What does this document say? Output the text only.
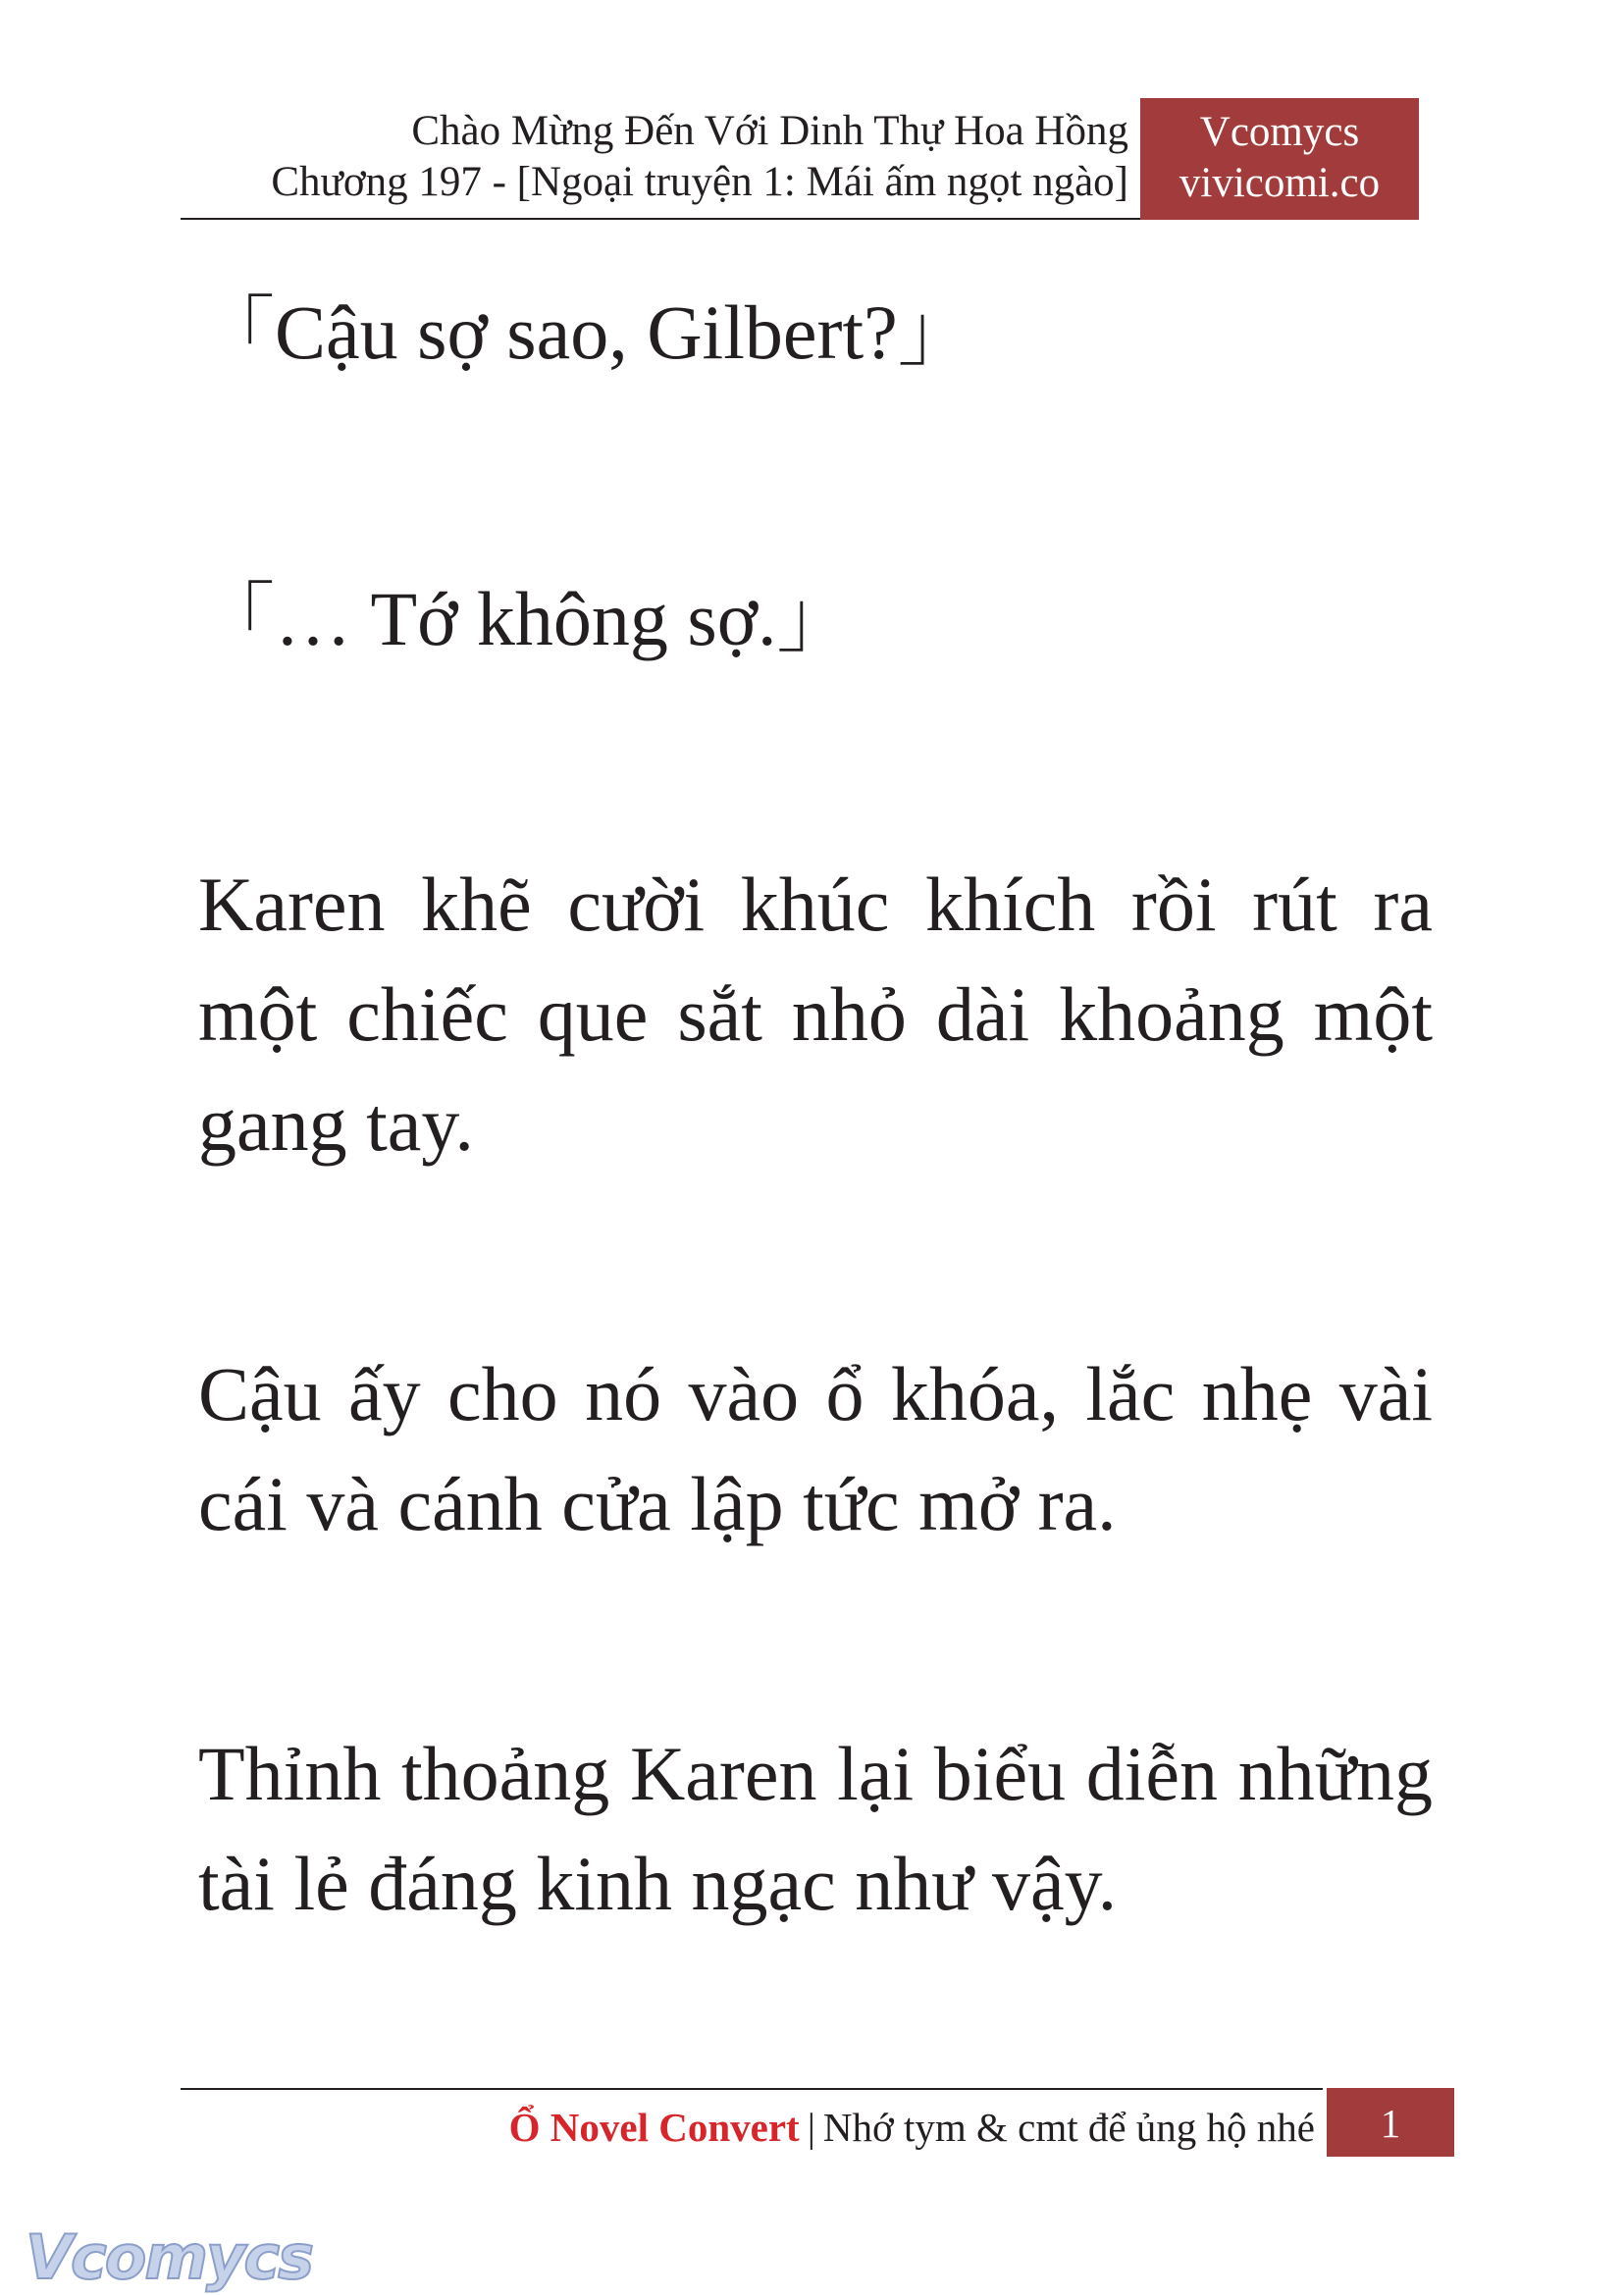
Chào Mừng Đến Với Dinh Thự Hoa Hồng
Chương 197 - [Ngoại truyện 1: Mái ấm ngọt ngào]
Vcomycs
vivicomi.co

「Cậu sợ sao, Gilbert?」

「… Tớ không sợ.」

Karen khẽ cười khúc khích rồi rút ra một chiếc que sắt nhỏ dài khoảng một gang tay.

Cậu ấy cho nó vào ổ khóa, lắc nhẹ vài cái và cánh cửa lập tức mở ra.

Thỉnh thoảng Karen lại biểu diễn những tài lẻ đáng kinh ngạc như vậy.

Ổ Novel Convert | Nhớ tym & cmt để ủng hộ nhé	1
Vcomycs
